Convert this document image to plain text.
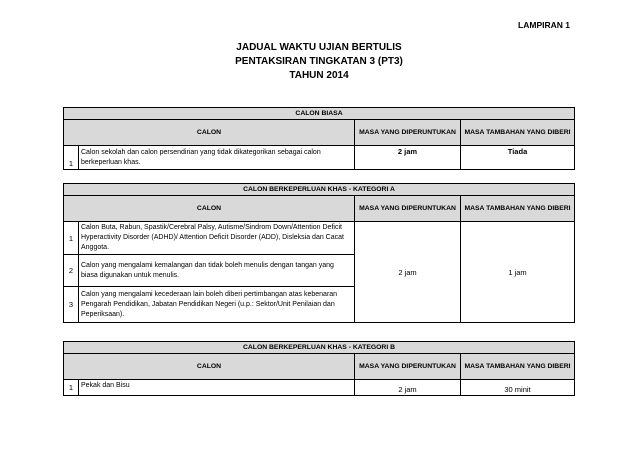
LAMPIRAN 1
JADUAL WAKTU UJIAN BERTULIS
PENTAKSIRAN TINGKATAN 3 (PT3)
TAHUN 2014
CALON BIASA			
CALON		MASA YANG DIPERUNTUKAN	MASA TAMBAHAN YANG DIBERI
1	Calon sekolah dan calon persendirian yang tidak dikategorikan sebagai calon berkeperluan khas.	2 jam	Tiada
CALON BERKEPERLUAN KHAS - KATEGORI A			
CALON		MASA YANG DIPERUNTUKAN	MASA TAMBAHAN YANG DIBERI
1	Calon Buta, Rabun, Spastik/Cerebral Palsy, Autisme/Sindrom Down/Attention Deficit Hyperactivity Disorder (ADHD)/ Attention Deficit Disorder (ADD), Disleksia dan Cacat Anggota.	2 jam	1 jam
2	Calon yang mengalami kemalangan dan tidak boleh menulis dengan tangan yang biasa digunakan untuk menulis.		
3	Calon yang mengalami kecederaan lain boleh diberi pertimbangan atas kebenaran Pengarah Pendidikan, Jabatan Pendidikan Negeri (u.p.: Sektor/Unit Penilaian dan Peperiksaan).		
CALON BERKEPERLUAN KHAS - KATEGORI B			
CALON		MASA YANG DIPERUNTUKAN	MASA TAMBAHAN YANG DIBERI
1	Pekak dan Bisu	2 jam	30 minit
